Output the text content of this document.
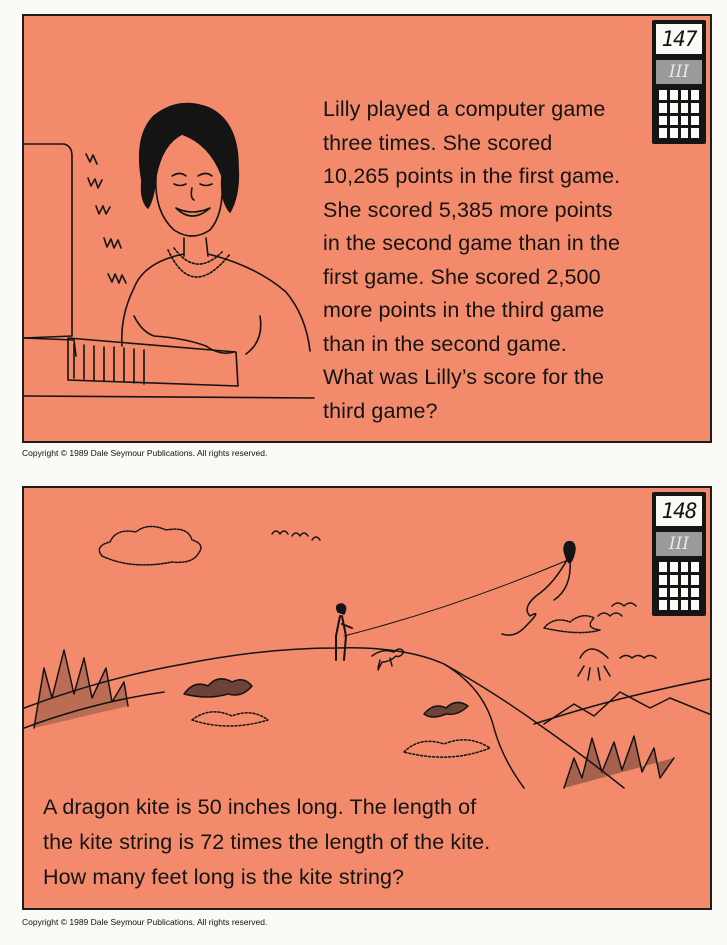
Lilly played a computer game
three times. She scored
10,265 points in the first game.
She scored 5,385 more points
in the second game than in the
first game. She scored 2,500
more points in the third game
than in the second game.
What was Lilly’s score for the
third game?

147
III
Copyright © 1989 Dale Seymour Publications. All rights reserved.

A dragon kite is 50 inches long. The length of
the kite string is 72 times the length of the kite.
How many feet long is the kite string?

148
III
Copyright © 1989 Dale Seymour Publications. All rights reserved.
